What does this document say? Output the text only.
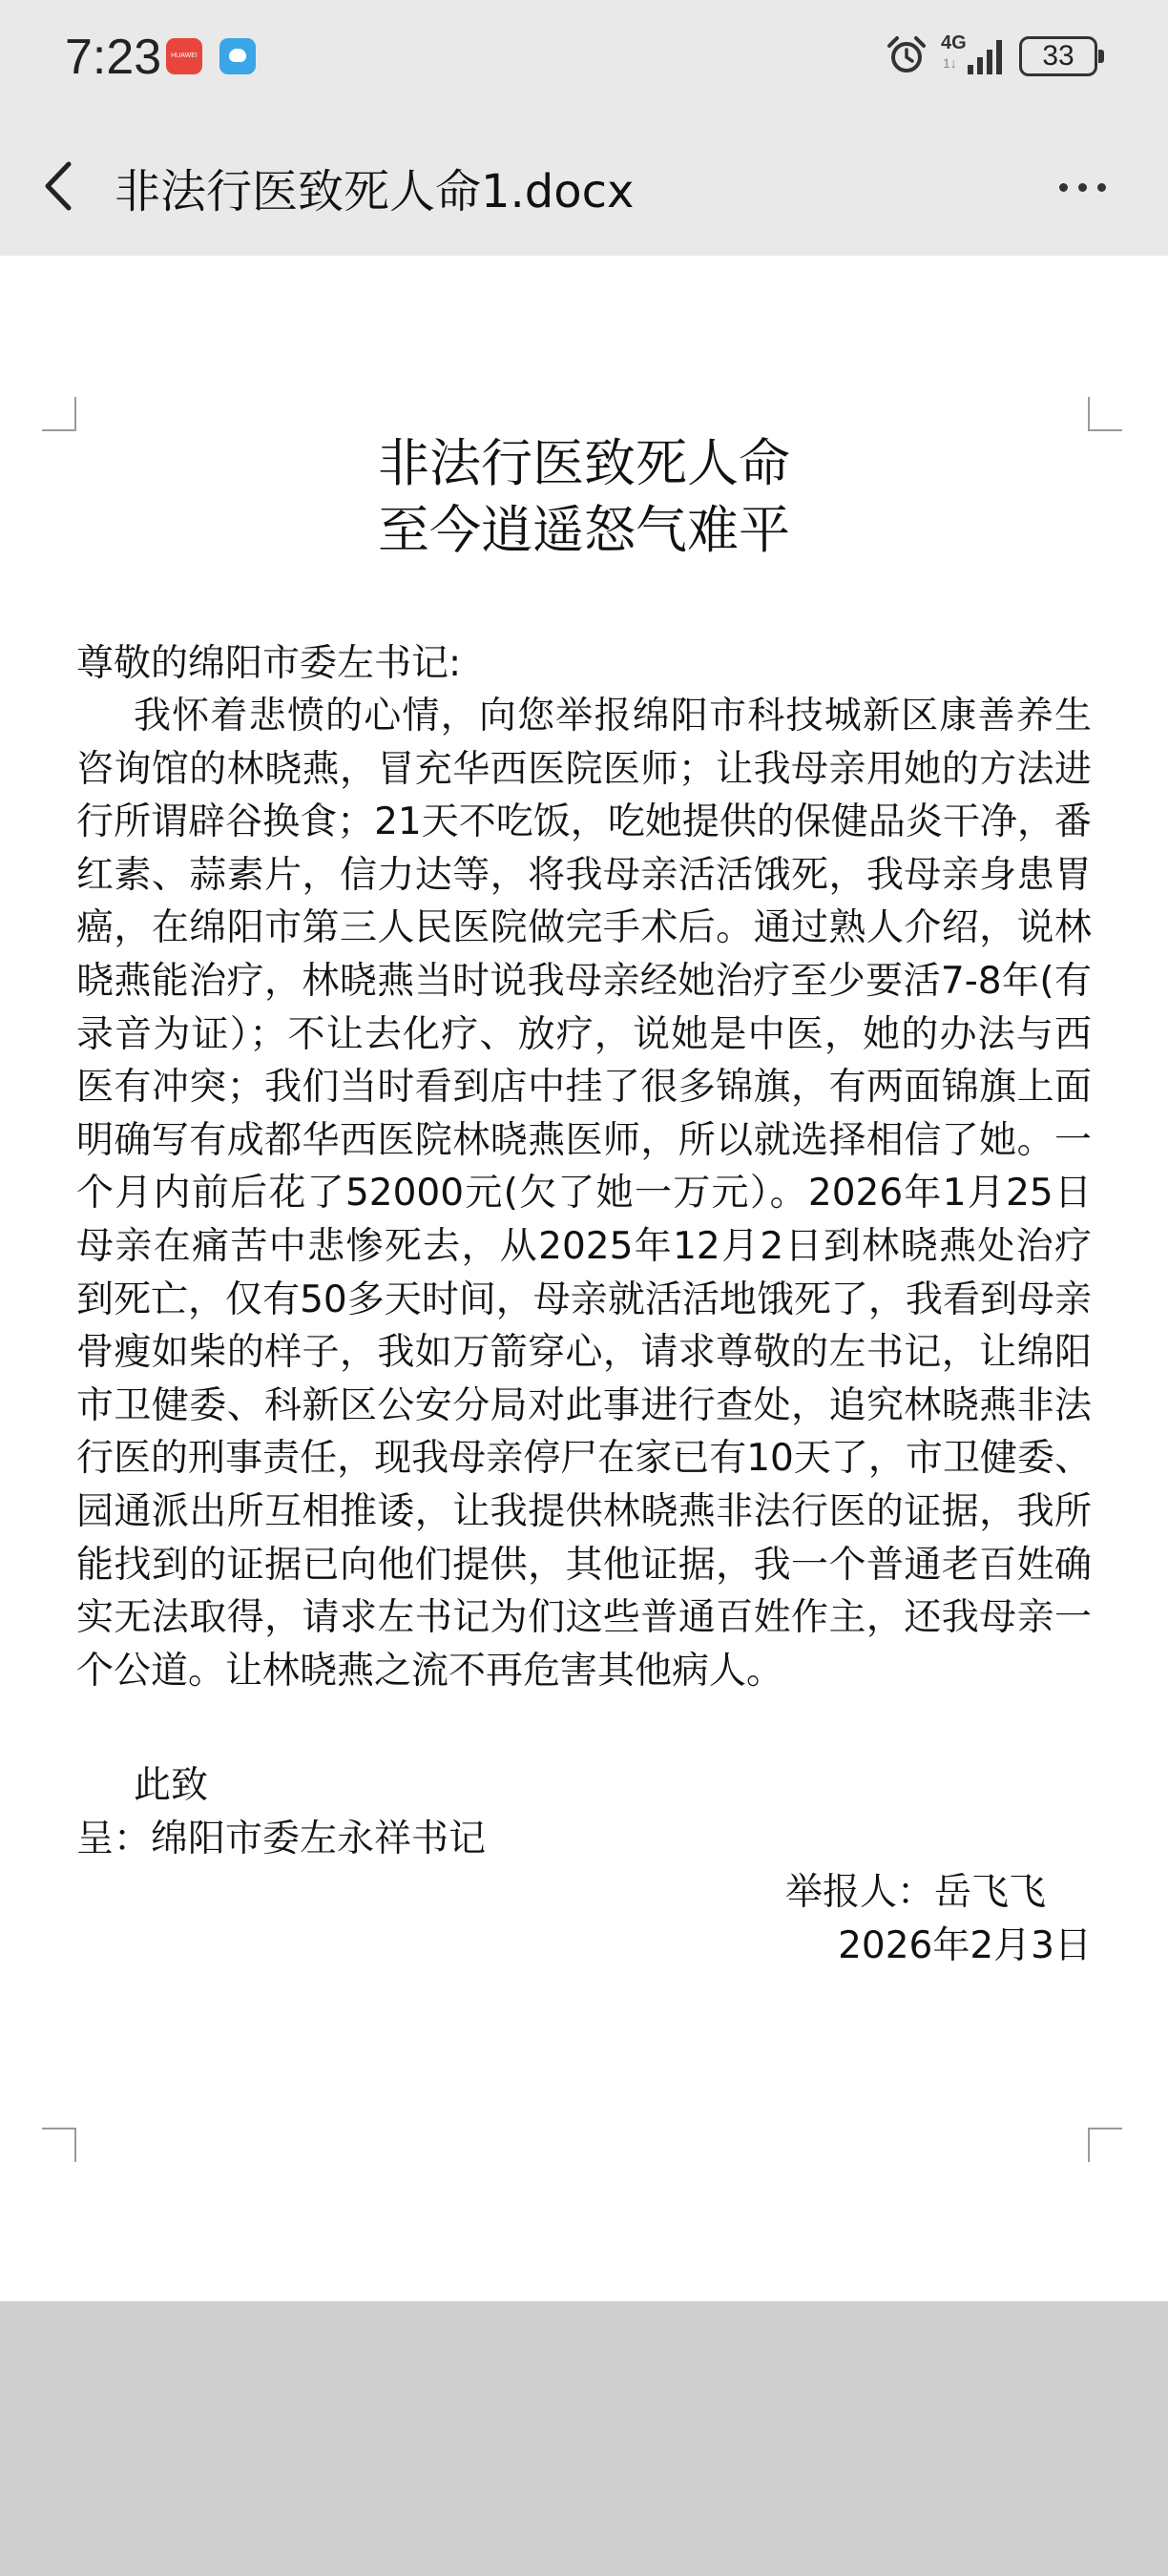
7:23	HUAWEI
4G
1↓	33
非法行医致死人命1.docx
非法行医致死人命
至今逍遥怒气难平
尊敬的绵阳市委左书记:
我怀着悲愤的心情，向您举报绵阳市科技城新区康善养生咨询馆的林晓燕，冒充华西医院医师；让我母亲用她的方法进行所谓辟谷换食；21天不吃饭，吃她提供的保健品炎干净，番红素、蒜素片，信力达等，将我母亲活活饿死，我母亲身患胃癌，在绵阳市第三人民医院做完手术后。通过熟人介绍，说林晓燕能治疗，林晓燕当时说我母亲经她治疗至少要活7-8年(有录音为证）；不让去化疗、放疗，说她是中医，她的办法与西医有冲突；我们当时看到店中挂了很多锦旗，有两面锦旗上面明确写有成都华西医院林晓燕医师，所以就选择相信了她。一个月内前后花了52000元(欠了她一万元）。2026年1月25日母亲在痛苦中悲惨死去，从2025年12月2日到林晓燕处治疗到死亡，仅有50多天时间，母亲就活活地饿死了，我看到母亲骨瘦如柴的样子，我如万箭穿心，请求尊敬的左书记，让绵阳市卫健委、科新区公安分局对此事进行查处，追究林晓燕非法行医的刑事责任，现我母亲停尸在家已有10天了，市卫健委、园通派出所互相推诿，让我提供林晓燕非法行医的证据，我所能找到的证据已向他们提供，其他证据，我一个普通老百姓确实无法取得，请求左书记为们这些普通百姓作主，还我母亲一个公道。让林晓燕之流不再危害其他病人。
此致
呈：绵阳市委左永祥书记
举报人：岳飞飞
2026年2月3日
